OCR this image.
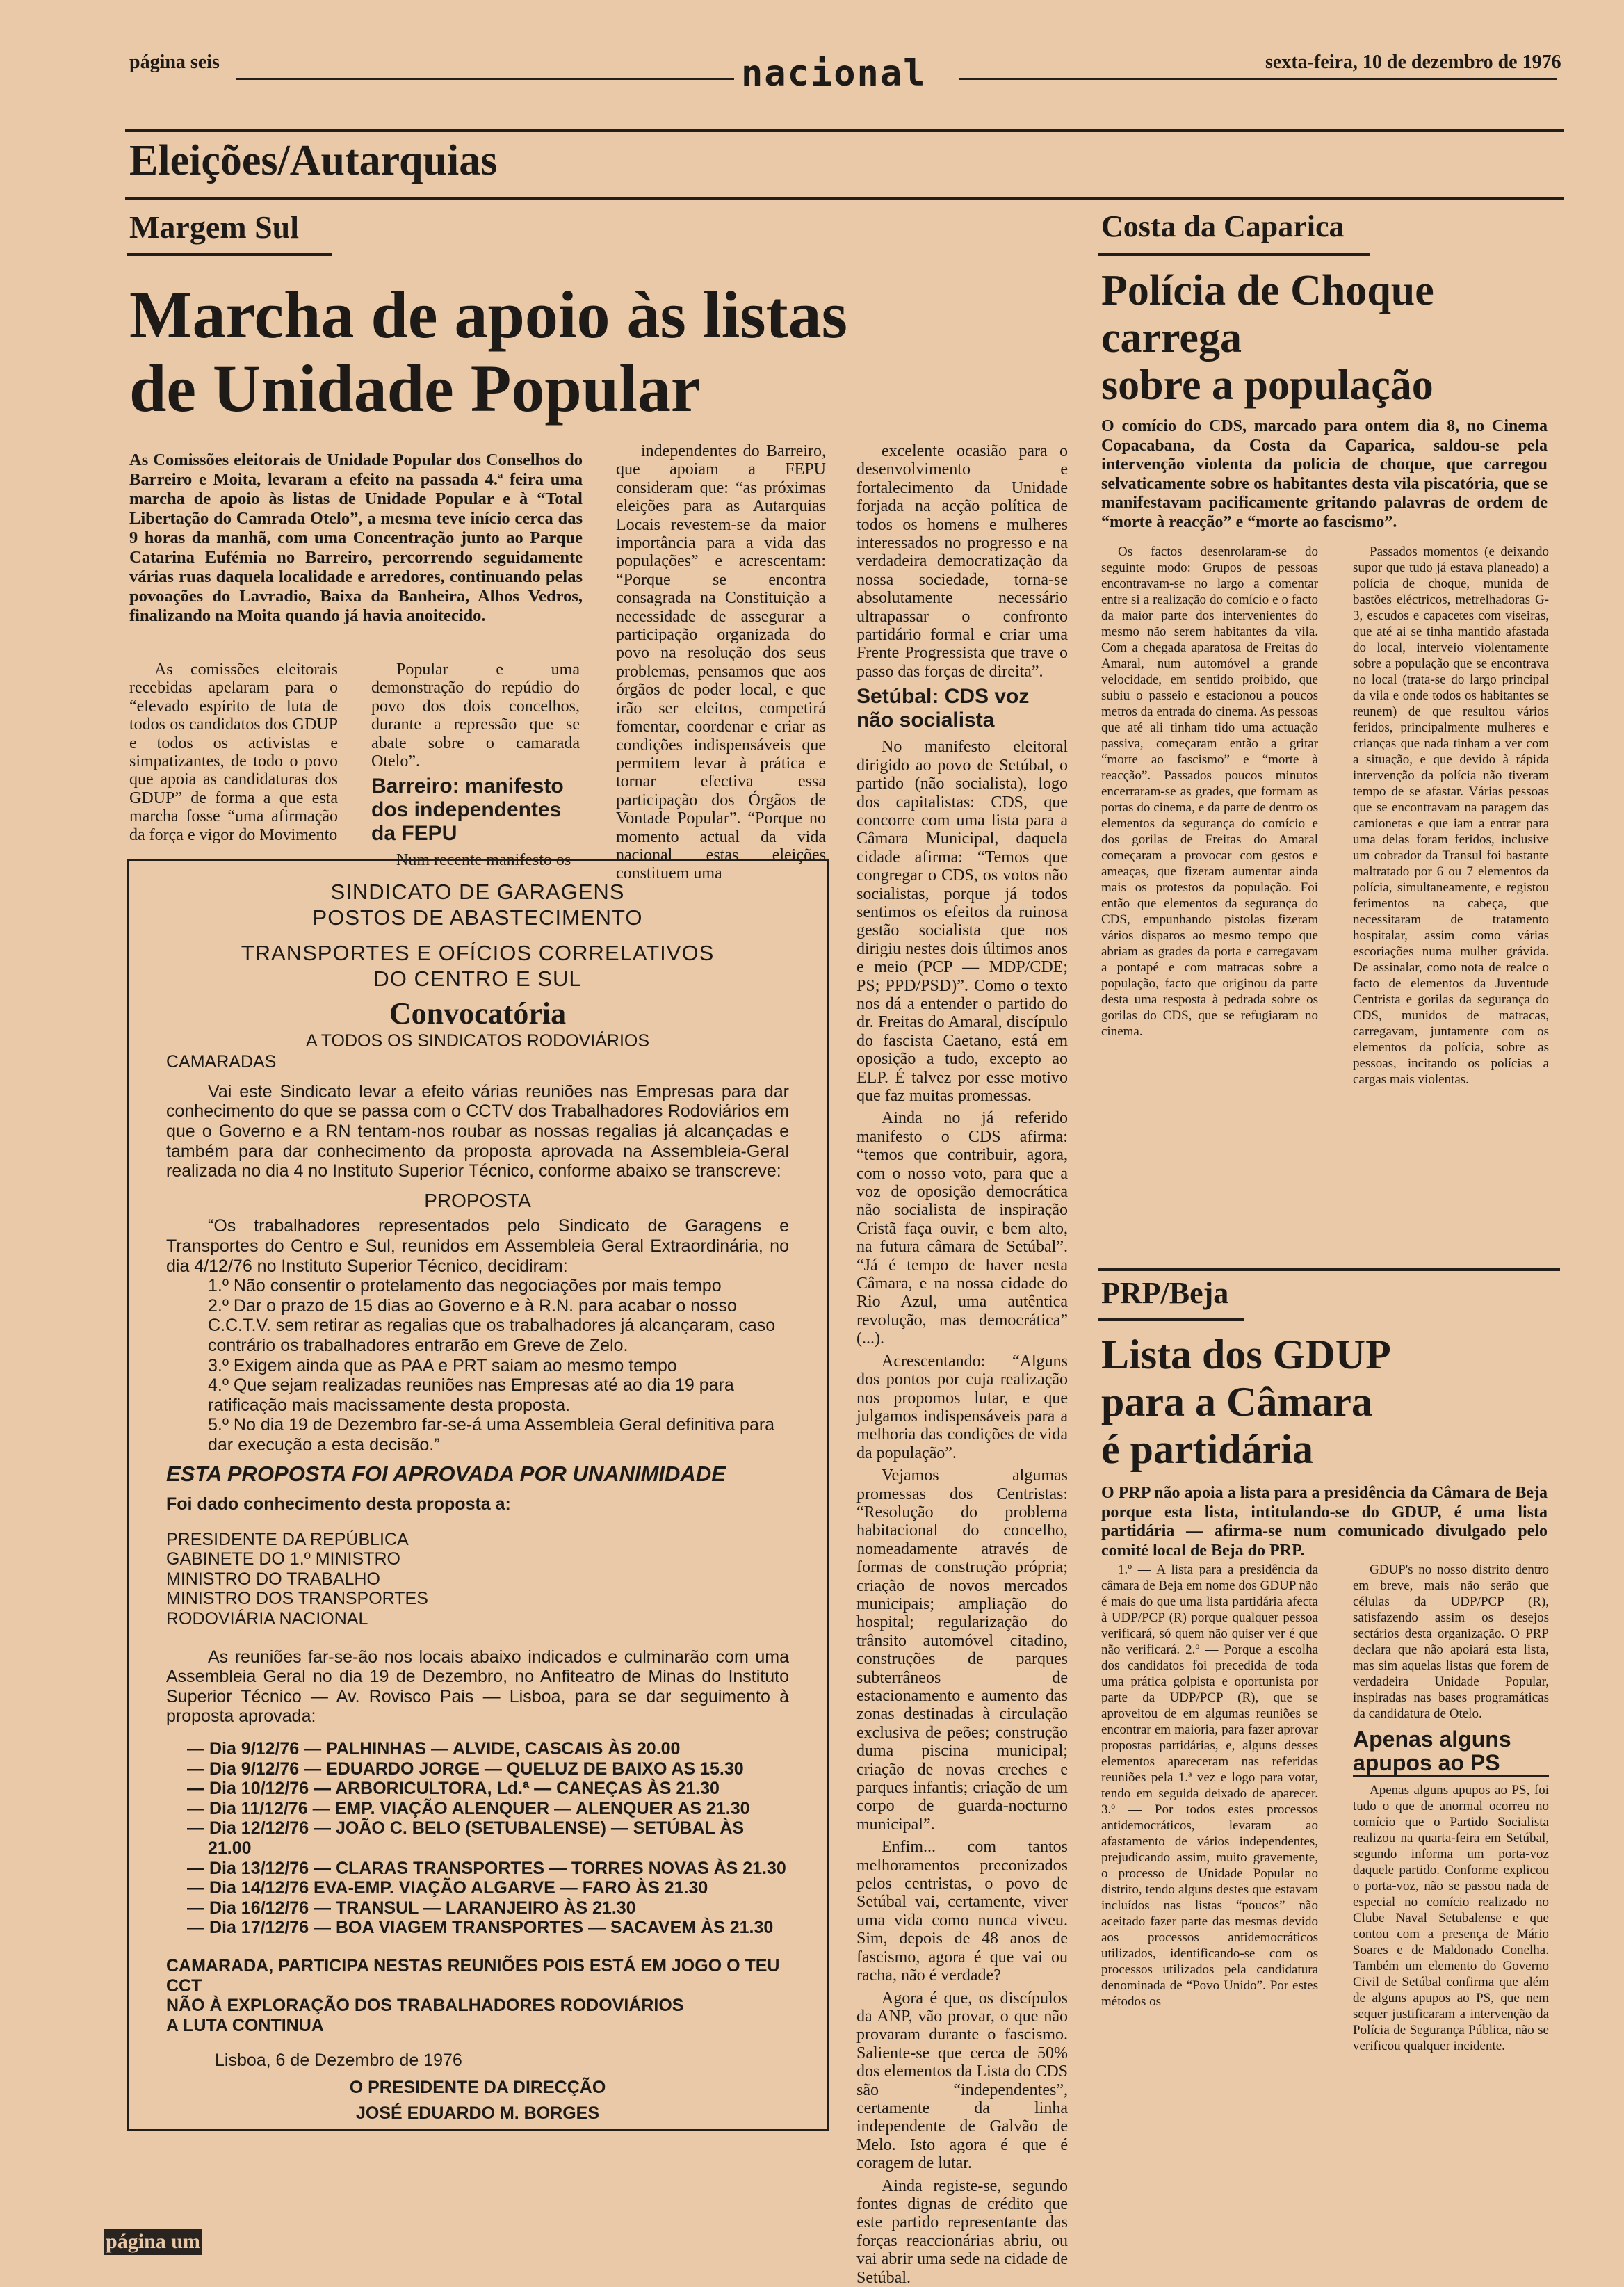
página seis	nacional	sexta-feira, 10 de dezembro de 1976
Eleições/Autarquias
Margem Sul
Marcha de apoio às listas
de Unidade Popular
As Comissões eleitorais de Unidade Popular dos Conselhos do Barreiro e Moita, levaram a efeito na passada 4.ª feira uma marcha de apoio às listas de Unidade Popular e à “Total Libertação do Camrada Otelo”, a mesma teve início cerca das 9 horas da manhã, com uma Concentração junto ao Parque Catarina Eufémia no Barreiro, percorrendo seguidamente várias ruas daquela localidade e arredores, continuando pelas povoações do Lavradio, Baixa da Banheira, Alhos Vedros, finalizando na Moita quando já havia anoitecido.

As comissões eleitorais recebidas apelaram para o “elevado espírito de luta de todos os candidatos dos GDUP e todos os activistas e simpatizantes, de todo o povo que apoia as candidaturas dos GDUP” de forma a que esta marcha fosse “uma afirmação da força e vigor do Movimento

Popular e uma demonstração do repúdio do povo dos dois concelhos, durante a repressão que se abate sobre o camarada Otelo”.

Barreiro: manifesto dos independentes da FEPU

Num recente manifesto os

independentes do Barreiro, que apoiam a FEPU consideram que: “as próximas eleições para as Autarquias Locais revestem-se da maior importância para a vida das populações” e acrescentam: “Porque se encontra consagrada na Constituição a necessidade de assegurar a participação organizada do povo na resolução dos seus problemas, pensamos que aos órgãos de poder local, e que irão ser eleitos, competirá fomentar, coordenar e criar as condições indispensáveis que permitem levar à prática e tornar efectiva essa participação dos Órgãos de Vontade Popular”. “Porque no momento actual da vida nacional estas eleições constituem uma

excelente ocasião para o desenvolvimento e fortalecimento da Unidade forjada na acção política de todos os homens e mulheres interessados no progresso e na verdadeira democratização da nossa sociedade, torna-se absolutamente necessário ultrapassar o confronto partidário formal e criar uma Frente Progressista que trave o passo das forças de direita”.

Setúbal: CDS voz não socialista

No manifesto eleitoral dirigido ao povo de Setúbal, o partido (não socialista), logo dos capitalistas: CDS, que concorre com uma lista para a Câmara Municipal, daquela cidade afirma: “Temos que congregar o CDS, os votos não socialistas, porque já todos sentimos os efeitos da ruinosa gestão socialista que nos dirigiu nestes dois últimos anos e meio (PCP — MDP/CDE; PS; PPD/PSD)”. Como o texto nos dá a entender o partido do dr. Freitas do Amaral, discípulo do fascista Caetano, está em oposição a tudo, excepto ao ELP. É talvez por esse motivo que faz muitas promessas.

Ainda no já referido manifesto o CDS afirma: “temos que contribuir, agora, com o nosso voto, para que a voz de oposição democrática não socialista de inspiração Cristã faça ouvir, e bem alto, na futura câmara de Setúbal”. “Já é tempo de haver nesta Câmara, e na nossa cidade do Rio Azul, uma autêntica revolução, mas democrática” (...).

Acrescentando: “Alguns dos pontos por cuja realização nos propomos lutar, e que julgamos indispensáveis para a melhoria das condições de vida da população”.

Vejamos algumas promessas dos Centristas: “Resolução do problema habitacional do concelho, nomeadamente através de formas de construção própria; criação de novos mercados municipais; ampliação do hospital; regularização do trânsito automóvel citadino, construções de parques subterrâneos de estacionamento e aumento das zonas destinadas à circulação exclusiva de peões; construção duma piscina municipal; criação de novas creches e parques infantis; criação de um corpo de guarda-nocturno municipal”.

Enfim... com tantos melhoramentos preconizados pelos centristas, o povo de Setúbal vai, certamente, viver uma vida como nunca viveu. Sim, depois de 48 anos de fascismo, agora é que vai ou racha, não é verdade?

Agora é que, os discípulos da ANP, vão provar, o que não provaram durante o fascismo. Saliente-se que cerca de 50% dos elementos da Lista do CDS são “independentes”, certamente da linha independente de Galvão de Melo. Isto agora é que é coragem de lutar.

Ainda registe-se, segundo fontes dignas de crédito que este partido representante das forças reaccionárias abriu, ou vai abrir uma sede na cidade de Setúbal.

SINDICATO DE GARAGENS
POSTOS DE ABASTECIMENTO
TRANSPORTES E OFÍCIOS CORRELATIVOS
DO CENTRO E SUL
Convocatória
A TODOS OS SINDICATOS RODOVIÁRIOS
CAMARADAS

Vai este Sindicato levar a efeito várias reuniões nas Empresas para dar conhecimento do que se passa com o CCTV dos Trabalhadores Rodoviários em que o Governo e a RN tentam-nos roubar as nossas regalias já alcançadas e também para dar conhecimento da proposta aprovada na Assembleia-Geral realizada no dia 4 no Instituto Superior Técnico, conforme abaixo se transcreve:

PROPOSTA

“Os trabalhadores representados pelo Sindicato de Garagens e Transportes do Centro e Sul, reunidos em Assembleia Geral Extraordinária, no dia 4/12/76 no Instituto Superior Técnico, decidiram:

1.º Não consentir o protelamento das negociações por mais tempo
2.º Dar o prazo de 15 dias ao Governo e à R.N. para acabar o nosso C.C.T.V. sem retirar as regalias que os trabalhadores já alcançaram, caso contrário os trabalhadores entrarão em Greve de Zelo.
3.º Exigem ainda que as PAA e PRT saiam ao mesmo tempo
4.º Que sejam realizadas reuniões nas Empresas até ao dia 19 para ratificação mais macissamente desta proposta.
5.º No dia 19 de Dezembro far-se-á uma Assembleia Geral definitiva para dar execução a esta decisão.”
ESTA PROPOSTA FOI APROVADA POR UNANIMIDADE
Foi dado conhecimento desta proposta a:
PRESIDENTE DA REPÚBLICA
GABINETE DO 1.º MINISTRO
MINISTRO DO TRABALHO
MINISTRO DOS TRANSPORTES
RODOVIÁRIA NACIONAL

As reuniões far-se-ão nos locais abaixo indicados e culminarão com uma Assembleia Geral no dia 19 de Dezembro, no Anfiteatro de Minas do Instituto Superior Técnico — Av. Rovisco Pais — Lisboa, para se dar seguimento à proposta aprovada:

— Dia 9/12/76 — PALHINHAS — ALVIDE, CASCAIS ÀS 20.00
— Dia 9/12/76 — EDUARDO JORGE — QUELUZ DE BAIXO AS 15.30
— Dia 10/12/76 — ARBORICULTORA, Ld.ª — CANEÇAS ÀS 21.30
— Dia 11/12/76 — EMP. VIAÇÃO ALENQUER — ALENQUER AS 21.30
— Dia 12/12/76 — JOÃO C. BELO (SETUBALENSE) — SETÚBAL ÀS 21.00
— Dia 13/12/76 — CLARAS TRANSPORTES — TORRES NOVAS ÀS 21.30
— Dia 14/12/76 EVA-EMP. VIAÇÃO ALGARVE — FARO ÀS 21.30
— Dia 16/12/76 — TRANSUL — LARANJEIRO ÀS 21.30
— Dia 17/12/76 — BOA VIAGEM TRANSPORTES — SACAVEM ÀS 21.30
CAMARADA, PARTICIPA NESTAS REUNIÕES POIS ESTÁ EM JOGO O TEU CCT
NÃO À EXPLORAÇÃO DOS TRABALHADORES RODOVIÁRIOS
A LUTA CONTINUA
Lisboa, 6 de Dezembro de 1976
O PRESIDENTE DA DIRECÇÃO
JOSÉ EDUARDO M. BORGES
Costa da Caparica
Polícia de Choque
carrega
sobre a população
O comício do CDS, marcado para ontem dia 8, no Cinema Copacabana, da Costa da Caparica, saldou-se pela intervenção violenta da polícia de choque, que carregou selvaticamente sobre os habitantes desta vila piscatória, que se manifestavam pacificamente gritando palavras de ordem de “morte à reacção” e “morte ao fascismo”.

Os factos desenrolaram-se do seguinte modo: Grupos de pessoas encontravam-se no largo a comentar entre si a realização do comício e o facto da maior parte dos intervenientes do mesmo não serem habitantes da vila. Com a chegada aparatosa de Freitas do Amaral, num automóvel a grande velocidade, em sentido proibido, que subiu o passeio e estacionou a poucos metros da entrada do cinema. As pessoas que até ali tinham tido uma actuação passiva, começaram então a gritar “morte ao fascismo” e “morte à reacção”. Passados poucos minutos encerraram-se as grades, que formam as portas do cinema, e da parte de dentro os elementos da segurança do comício e dos gorilas de Freitas do Amaral começaram a provocar com gestos e ameaças, que fizeram aumentar ainda mais os protestos da população. Foi então que elementos da segurança do CDS, empunhando pistolas fizeram vários disparos ao mesmo tempo que abriam as grades da porta e carregavam a pontapé e com matracas sobre a população, facto que originou da parte desta uma resposta à pedrada sobre os gorilas do CDS, que se refugiaram no cinema.

Passados momentos (e deixando supor que tudo já estava planeado) a polícia de choque, munida de bastões eléctricos, metrelhadoras G-3, escudos e capacetes com viseiras, que até ai se tinha mantido afastada do local, interveio violentamente sobre a população que se encontrava no local (trata-se do largo principal da vila e onde todos os habitantes se reunem) de que resultou vários feridos, principalmente mulheres e crianças que nada tinham a ver com a situação, e que devido à rápida intervenção da polícia não tiveram tempo de se afastar. Várias pessoas que se encontravam na paragem das camionetas e que iam a entrar para uma delas foram feridos, inclusive um cobrador da Transul foi bastante maltratado por 6 ou 7 elementos da polícia, simultaneamente, e registou ferimentos na cabeça, que necessitaram de tratamento hospitalar, assim como várias escoriações numa mulher grávida. De assinalar, como nota de realce o facto de elementos da Juventude Centrista e gorilas da segurança do CDS, munidos de matracas, carregavam, juntamente com os elementos da polícia, sobre as pessoas, incitando os polícias a cargas mais violentas.

PRP/Beja
Lista dos GDUP
para a Câmara
é partidária
O PRP não apoia a lista para a presidência da Câmara de Beja porque esta lista, intitulando-se do GDUP, é uma lista partidária — afirma-se num comunicado divulgado pelo comité local de Beja do PRP.

1.º — A lista para a presidência da câmara de Beja em nome dos GDUP não é mais do que uma lista partidária afecta à UDP/PCP (R) porque qualquer pessoa verificará, só quem não quiser ver é que não verificará. 2.º — Porque a escolha dos candidatos foi precedida de toda uma prática golpista e oportunista por parte da UDP/PCP (R), que se aproveitou de em algumas reuniões se encontrar em maioria, para fazer aprovar propostas partidárias, e, alguns desses elementos apareceram nas referidas reuniões pela 1.ª vez e logo para votar, tendo em seguida deixado de aparecer. 3.º — Por todos estes processos antidemocráticos, levaram ao afastamento de vários independentes, prejudicando assim, muito gravemente, o processo de Unidade Popular no distrito, tendo alguns destes que estavam incluídos nas listas “poucos” não aceitado fazer parte das mesmas devido aos processos antidemocráticos utilizados, identificando-se com os processos utilizados pela candidatura denominada de “Povo Unido”. Por estes métodos os

GDUP's no nosso distrito dentro em breve, mais não serão que células da UDP/PCP (R), satisfazendo assim os desejos sectários desta organização. O PRP declara que não apoiará esta lista, mas sim aquelas listas que forem de verdadeira Unidade Popular, inspiradas nas bases programáticas da candidatura de Otelo.

Apenas alguns apupos ao PS

Apenas alguns apupos ao PS, foi tudo o que de anormal ocorreu no comício que o Partido Socialista realizou na quarta-feira em Setúbal, segundo informa um porta-voz daquele partido. Conforme explicou o porta-voz, não se passou nada de especial no comício realizado no Clube Naval Setubalense e que contou com a presença de Mário Soares e de Maldonado Conelha. Também um elemento do Governo Civil de Setúbal confirma que além de alguns apupos ao PS, que nem sequer justificaram a intervenção da Polícia de Segurança Pública, não se verificou qualquer incidente.

página um
